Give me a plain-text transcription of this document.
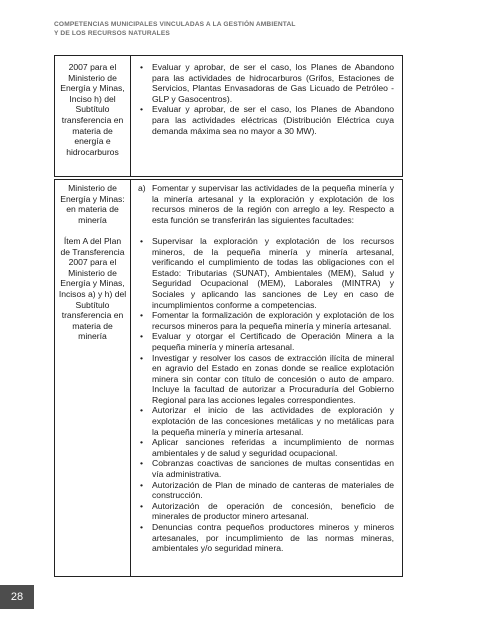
COMPETENCIAS MUNICIPALES VINCULADAS A LA GESTIÓN AMBIENTAL
Y DE LOS RECURSOS NATURALES
2007 para el Ministerio de Energía y Minas, Inciso h) del Subtítulo transferencia en materia de energía e hidrocarburos

• Evaluar y aprobar, de ser el caso, los Planes de Abandono para las actividades de hidrocarburos (Grifos, Estaciones de Servicios, Plantas Envasadoras de Gas Licuado de Petróleo - GLP y Gasocentros).

• Evaluar y aprobar, de ser el caso, los Planes de Abandono para las actividades eléctricas (Distribución Eléctrica cuya demanda máxima sea no mayor a 30 MW).

Ministerio de Energía y Minas: en materia de minería
Ítem A del Plan de Transferencia 2007 para el Ministerio de Energía y Minas, Incisos a) y h) del Subtítulo transferencia en materia de minería

a) Fomentar y supervisar las actividades de la pequeña minería y la minería artesanal y la exploración y explotación de los recursos mineros de la región con arreglo a ley. Respecto a esta función se transferirán las siguientes facultades:

• Supervisar la exploración y explotación de los recursos mineros, de la pequeña minería y minería artesanal, verificando el cumplimiento de todas las obligaciones con el Estado: Tributarias (SUNAT), Ambientales (MEM), Salud y Seguridad Ocupacional (MEM), Laborales (MINTRA) y Sociales y aplicando las sanciones de Ley en caso de incumplimientos conforme a competencias.

• Fomentar la formalización de exploración y explotación de los recursos mineros para la pequeña minería y minería artesanal.

• Evaluar y otorgar el Certificado de Operación Minera a la pequeña minería y minería artesanal.

• Investigar y resolver los casos de extracción ilícita de mineral en agravio del Estado en zonas donde se realice explotación minera sin contar con título de concesión o auto de amparo. Incluye la facultad de autorizar a Procuraduría del Gobierno Regional para las acciones legales correspondientes.

• Autorizar el inicio de las actividades de exploración y explotación de las concesiones metálicas y no metálicas para la pequeña minería y minería artesanal.

• Aplicar sanciones referidas a incumplimiento de normas ambientales y de salud y seguridad ocupacional.

• Cobranzas coactivas de sanciones de multas consentidas en vía administrativa.

• Autorización de Plan de minado de canteras de materiales de construcción.

• Autorización de operación de concesión, beneficio de minerales de productor minero artesanal.

• Denuncias contra pequeños productores mineros y mineros artesanales, por incumplimiento de las normas mineras, ambientales y/o seguridad minera.

28
